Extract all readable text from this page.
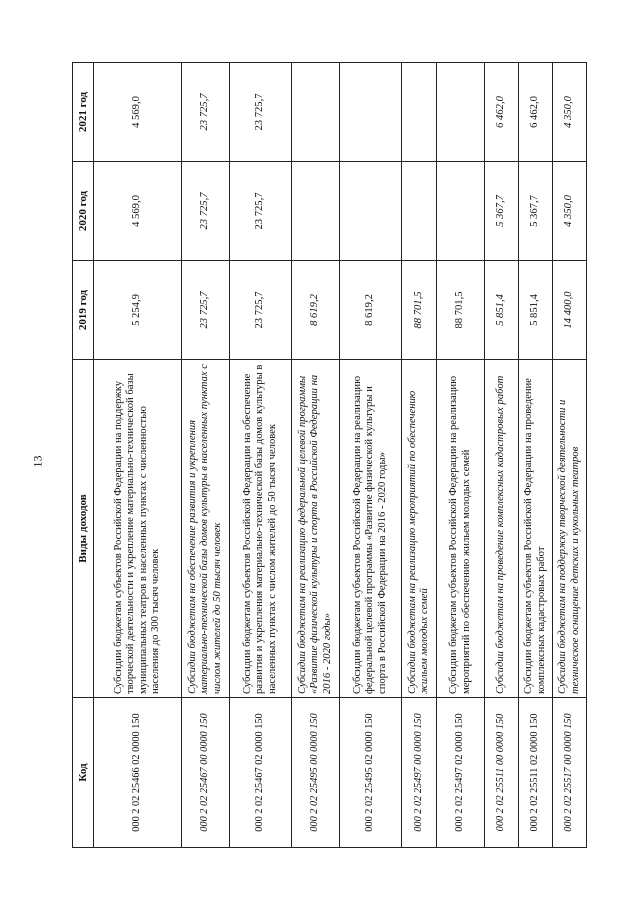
13
Код	Виды доходов	2019 год	2020 год	2021 год
000 2 02 25466 02 0000 150	Субсидии бюджетам субъектов Российской Федерации на поддержку творческой деятельности и укрепление материально-технической базы муниципальных театров в населенных пунктах с численностью населения до 300 тысяч человек	5 254,9	4 569,0	4 569,0
000 2 02 25467 00 0000 150	Субсидии бюджетам на обеспечение развития и укрепления материально-технической базы домов культуры в населенных пунктах с числом жителей до 50 тысяч человек	23 725,7	23 725,7	23 725,7
000 2 02 25467 02 0000 150	Субсидии бюджетам субъектов Российской Федерации на обеспечение развития и укрепления материально-технической базы домов культуры в населенных пунктах с числом жителей до 50 тысяч человек	23 725,7	23 725,7	23 725,7
000 2 02 25495 00 0000 150	Субсидии бюджетам на реализацию федеральной целевой программы «Развитие физической культуры и спорта в Российской Федерации на 2016 - 2020 годы»	8 619,2		
000 2 02 25495 02 0000 150	Субсидии бюджетам субъектов Российской Федерации на реализацию федеральной целевой программы «Развитие физической культуры и спорта в Российской Федерации на 2016 - 2020 годы»	8 619,2		
000 2 02 25497 00 0000 150	Субсидии бюджетам на реализацию мероприятий по обеспечению жильем молодых семей	88 701,5		
000 2 02 25497 02 0000 150	Субсидии бюджетам субъектов Российской Федерации на реализацию мероприятий по обеспечению жильем молодых семей	88 701,5		
000 2 02 25511 00 0000 150	Субсидии бюджетам на проведение комплексных кадастровых работ	5 851,4	5 367,7	6 462,0
000 2 02 25511 02 0000 150	Субсидии бюджетам субъектов Российской Федерации на проведение комплексных кадастровых работ	5 851,4	5 367,7	6 462,0
000 2 02 25517 00 0000 150	Субсидии бюджетам на поддержку творческой деятельности и техническое оснащение детских и кукольных театров	14 400,0	4 350,0	4 350,0
